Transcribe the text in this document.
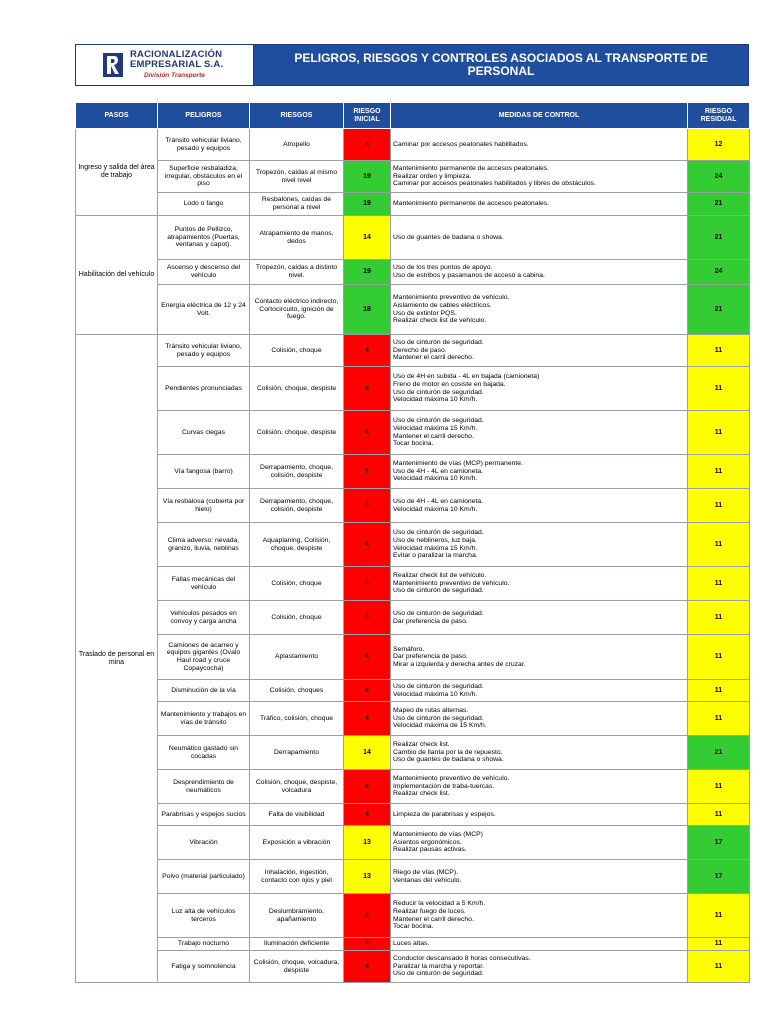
RACIONALIZACIÓN
EMPRESARIAL S.A.
División Transporte
PELIGROS, RIESGOS Y CONTROLES ASOCIADOS AL TRANSPORTE DE PERSONAL
PASOS	PELIGROS	RIESGOS	RIESGO INICIAL	MEDIDAS DE CONTROL	RIESGO RESIDUAL
Ingreso y salida del área de trabajo	Tránsito vehicular liviano, pesado y equipos	Atropello	8	Caminar por accesos peatonales habilitados.	12
	Superficie resbaladiza, irregular, obstáculos en el piso	Tropezón, caídas al mismo nivel nivel	19	Mantenimiento permanente de accesos peatonales.
Realizar orden y limpieza.
Caminar por accesos peatonales habilitados y libres de obstáculos.	24
	Lodo o fango	Resbalones, caídas de personal a nivel	19	Mantenimiento permanente de accesos peatonales.	21
Habilitación del vehículo	Puntos de Pellizco, atrapamientos (Puertas, ventanas y capot).	Atrapamiento de manos, dedos	14	Uso de guantes de badana o showa.	21
	Ascenso y descenso del vehículo	Tropezón, caídas a distinto nivel.	19	Uso de los tres puntos de apoyo.
Uso de estribos y pasamanos de acceso a cabina.	24
	Energía eléctrica de 12 y 24 Volt.	Contacto eléctrico indirecto, Cortocircuito, ignición de fuego.	18	Mantenimiento preventivo de vehículo.
Aislamiento de cables eléctricos.
Uso de extintor PQS.
Realizar check list de vehículo.	21
Traslado de personal en mina	Tránsito vehicular liviano, pesado y equipos	Colisión, choque	4	Uso de cinturón de seguridad.
Derecho de paso.
Mantener el carril derecho.	11
	Pendientes pronunciadas	Colisión, choque, despiste	4	Uso de 4H en subida - 4L en bajada (camioneta)
Freno de motor en cosiste en bajada.
Uso de cinturón de seguridad.
Velocidad máxima 10 Km/h.	11
	Curvas ciegas	Colisión, choque, despiste	4	Uso de cinturón de seguridad.
Velocidad máxima 15 Km/h.
Mantener el carril derecho.
Tocar bocina.	11
	Vía fangosa (barro)	Derrapamiento, choque, colisión, despiste	7	Mantenimiento de vías (MCP) permanente.
Uso de 4H - 4L en camioneta.
Velocidad máxima 10 Km/h.	11
	Vía resbalosa (cubierta por hielo)	Derrapamiento, choque, colisión, despiste	4	Uso de 4H - 4L en camioneta.
Velocidad máxima 10 Km/h.	11
	Clima adverso: nevada, granizo, lluvia, neblinas	Aquaplaning, Colisión, choque, despiste	4	Uso de cinturón de seguridad.
Uso de neblineros, luz baja.
Velocidad máxima 15 Km/h.
Evitar o paralizar la marcha.	11
	Fallas mecánicas del vehículo	Colisión, choque	4	Realizar check list de vehículo.
Mantenimiento preventivo de vehículo.
Uso de cinturón de seguridad.	11
	Vehículos pesados en convoy y carga ancha	Colisión, choque	4	Uso de cinturón de seguridad.
Dar preferencia de paso.	11
	Camiones de acarreo y equipos gigantes (Ovalo Haul road y cruce Copaycocha)	Aplastamiento	4	Semáforo.
Dar preferencia de paso.
Mirar a izquierda y derecha antes de cruzar.	11
	Disminución de la vía	Colisión, choques	4	Uso de cinturón de seguridad.
Velocidad máxima 10 Km/h.	11
	Mantenimiento y trabajos en vías de tránsito	Tráfico, colisión, choque	4	Mapeo de rutas alternas.
Uso de cinturón de seguridad.
Velocidad máxima de 15 Km/h.	11
	Neumático gastado sin cocadas	Derrapamiento	14	Realizar check list.
Cambio de llanta por la de repuesto.
Uso de guantes de badana o showa.	21
	Desprendimiento de neumáticos	Colisión, choque, despiste, volcadura	4	Mantenimiento preventivo de vehículo.
Implementación de traba-tuercas.
Realizar check list.	11
	Parabrisas y espejos sucios	Falta de visibilidad	4	Limpieza de parabrisas y espejos.	11
	Vibración	Exposición a vibración	13	Mantenimiento de vías (MCP)
Asientos ergonómicos.
Realizar pausas activas.	17
	Polvo (material particulado)	Inhalación, ingestión, contacto con ojos y piel	13	Riego de vías (MCP).
Ventanas del vehículo.	17
	Luz alta de vehículos terceros	Deslumbramiento, apañamiento	4	Reducir la velocidad a 5 Km/h.
Realizar fuego de luces.
Mantener el carril derecho.
Tocar bocina.	11
	Trabajo nocturno	Iluminación deficiente	4	Luces altas.	11
	Fatiga y somnolencia	Colisión, choque, volcadura, despiste	4	Conductor descansado 8 horas consecutivas.
Paralizar la marcha y reportar.
Uso de cinturón de seguridad.	11
